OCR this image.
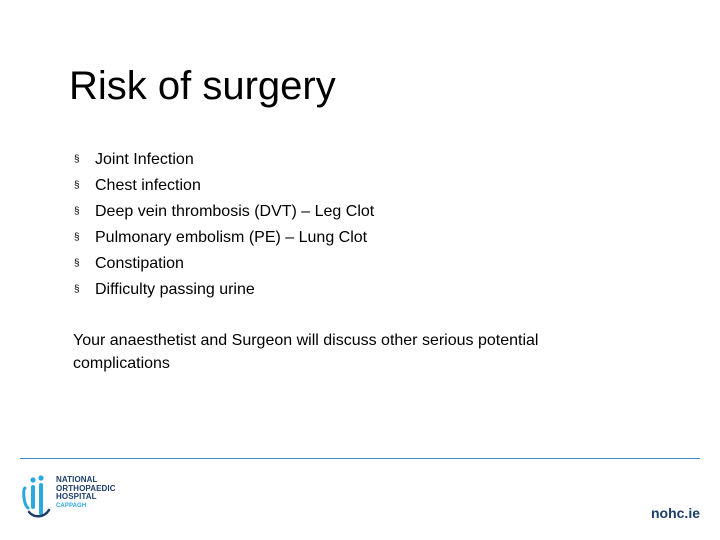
Risk of surgery
§ Joint Infection
§ Chest infection
§ Deep vein thrombosis (DVT) – Leg Clot
§ Pulmonary embolism (PE) – Lung Clot
§ Constipation
§ Difficulty passing urine

Your anaesthetist and Surgeon will discuss other serious potential complications

NATIONAL
ORTHOPAEDIC
HOSPITAL
CAPPAGH	nohc.ie
